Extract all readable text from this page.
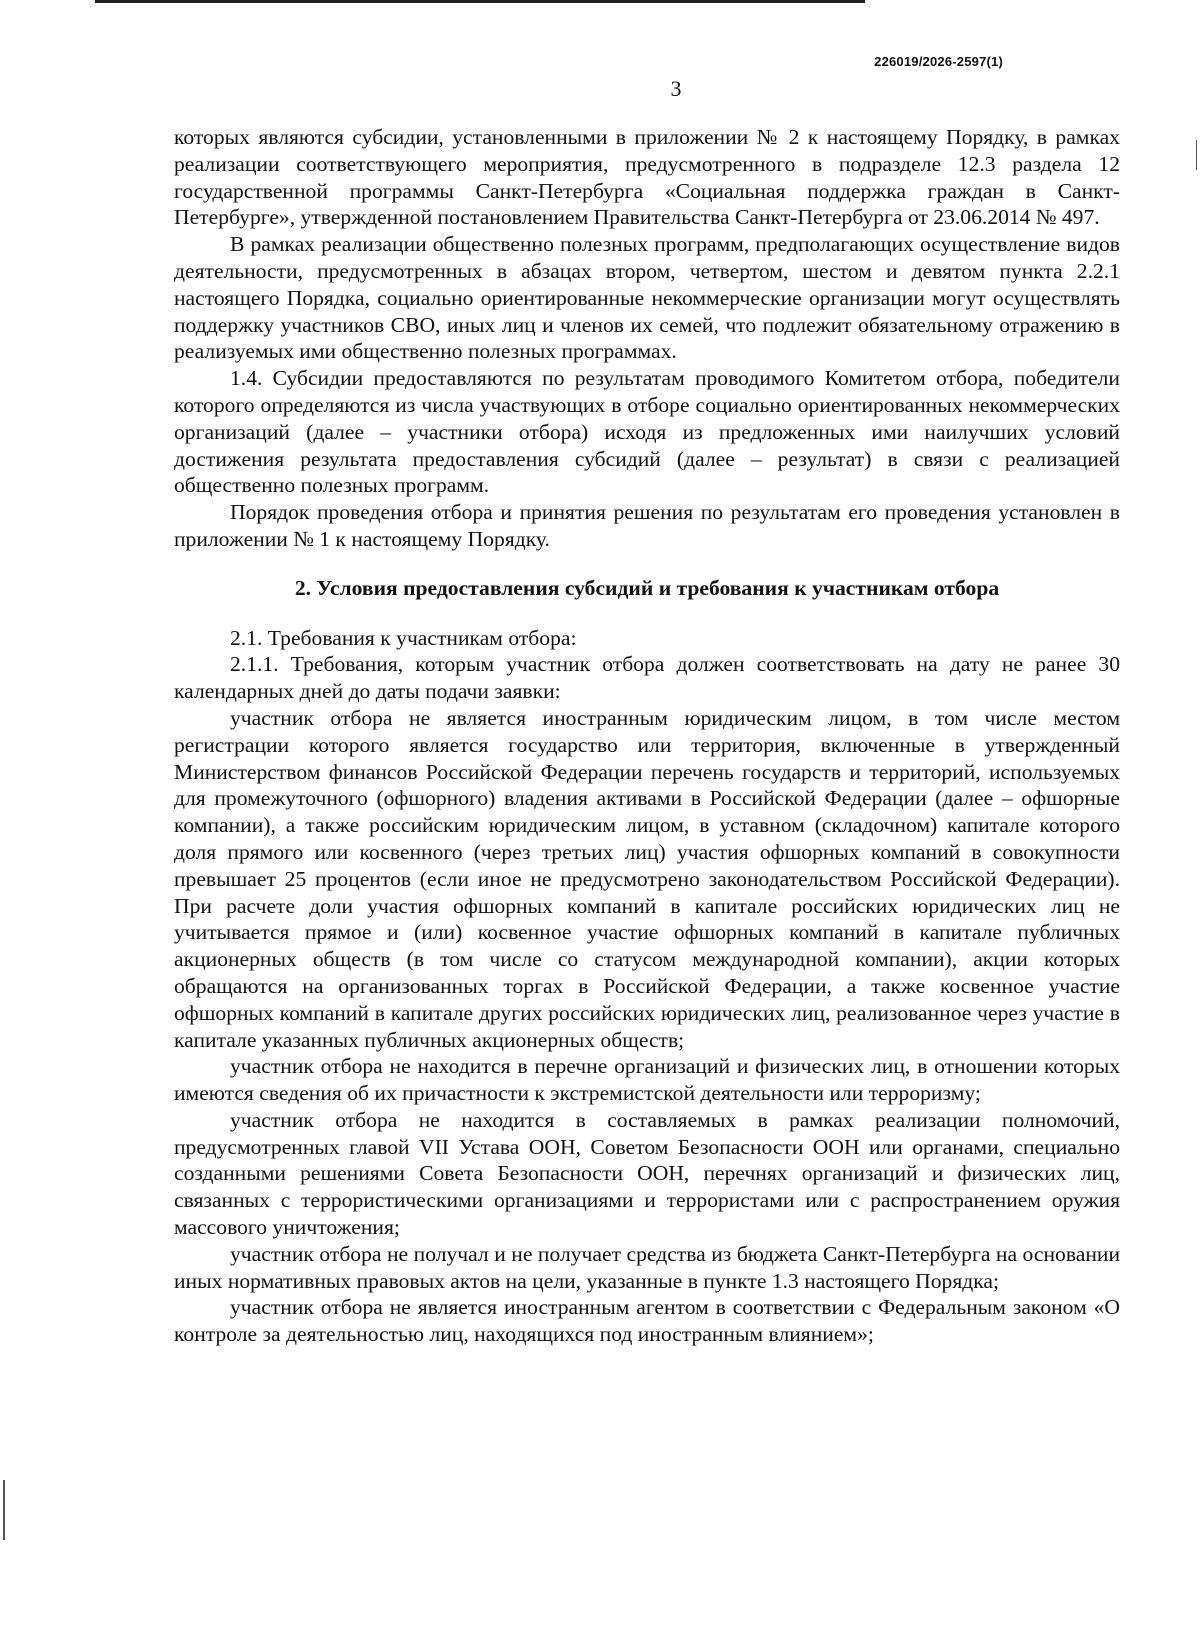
226019/2026-2597(1)
3

которых являются субсидии, установленными в приложении № 2 к настоящему Порядку, в рамках реализации соответствующего мероприятия, предусмотренного в подразделе 12.3 раздела 12 государственной программы Санкт-Петербурга «Социальная поддержка граждан в Санкт-Петербурге», утвержденной постановлением Правительства Санкт-Петербурга от 23.06.2014 № 497.

В рамках реализации общественно полезных программ, предполагающих осуществление видов деятельности, предусмотренных в абзацах втором, четвертом, шестом и девятом пункта 2.2.1 настоящего Порядка, социально ориентированные некоммерческие организации могут осуществлять поддержку участников СВО, иных лиц и членов их семей, что подлежит обязательному отражению в реализуемых ими общественно полезных программах.

1.4. Субсидии предоставляются по результатам проводимого Комитетом отбора, победители которого определяются из числа участвующих в отборе социально ориентированных некоммерческих организаций (далее – участники отбора) исходя из предложенных ими наилучших условий достижения результата предоставления субсидий (далее – результат) в связи с реализацией общественно полезных программ.

Порядок проведения отбора и принятия решения по результатам его проведения установлен в приложении № 1 к настоящему Порядку.

2. Условия предоставления субсидий и требования к участникам отбора

2.1. Требования к участникам отбора:

2.1.1. Требования, которым участник отбора должен соответствовать на дату не ранее 30 календарных дней до даты подачи заявки:

участник отбора не является иностранным юридическим лицом, в том числе местом регистрации которого является государство или территория, включенные в утвержденный Министерством финансов Российской Федерации перечень государств и территорий, используемых для промежуточного (офшорного) владения активами в Российской Федерации (далее – офшорные компании), а также российским юридическим лицом, в уставном (складочном) капитале которого доля прямого или косвенного (через третьих лиц) участия офшорных компаний в совокупности превышает 25 процентов (если иное не предусмотрено законодательством Российской Федерации). При расчете доли участия офшорных компаний в капитале российских юридических лиц не учитывается прямое и (или) косвенное участие офшорных компаний в капитале публичных акционерных обществ (в том числе со статусом международной компании), акции которых обращаются на организованных торгах в Российской Федерации, а также косвенное участие офшорных компаний в капитале других российских юридических лиц, реализованное через участие в капитале указанных публичных акционерных обществ;

участник отбора не находится в перечне организаций и физических лиц, в отношении которых имеются сведения об их причастности к экстремистской деятельности или терроризму;

участник отбора не находится в составляемых в рамках реализации полномочий, предусмотренных главой VII Устава ООН, Советом Безопасности ООН или органами, специально созданными решениями Совета Безопасности ООН, перечнях организаций и физических лиц, связанных с террористическими организациями и террористами или с распространением оружия массового уничтожения;

участник отбора не получал и не получает средства из бюджета Санкт-Петербурга на основании иных нормативных правовых актов на цели, указанные в пункте 1.3 настоящего Порядка;

участник отбора не является иностранным агентом в соответствии с Федеральным законом «О контроле за деятельностью лиц, находящихся под иностранным влиянием»;
